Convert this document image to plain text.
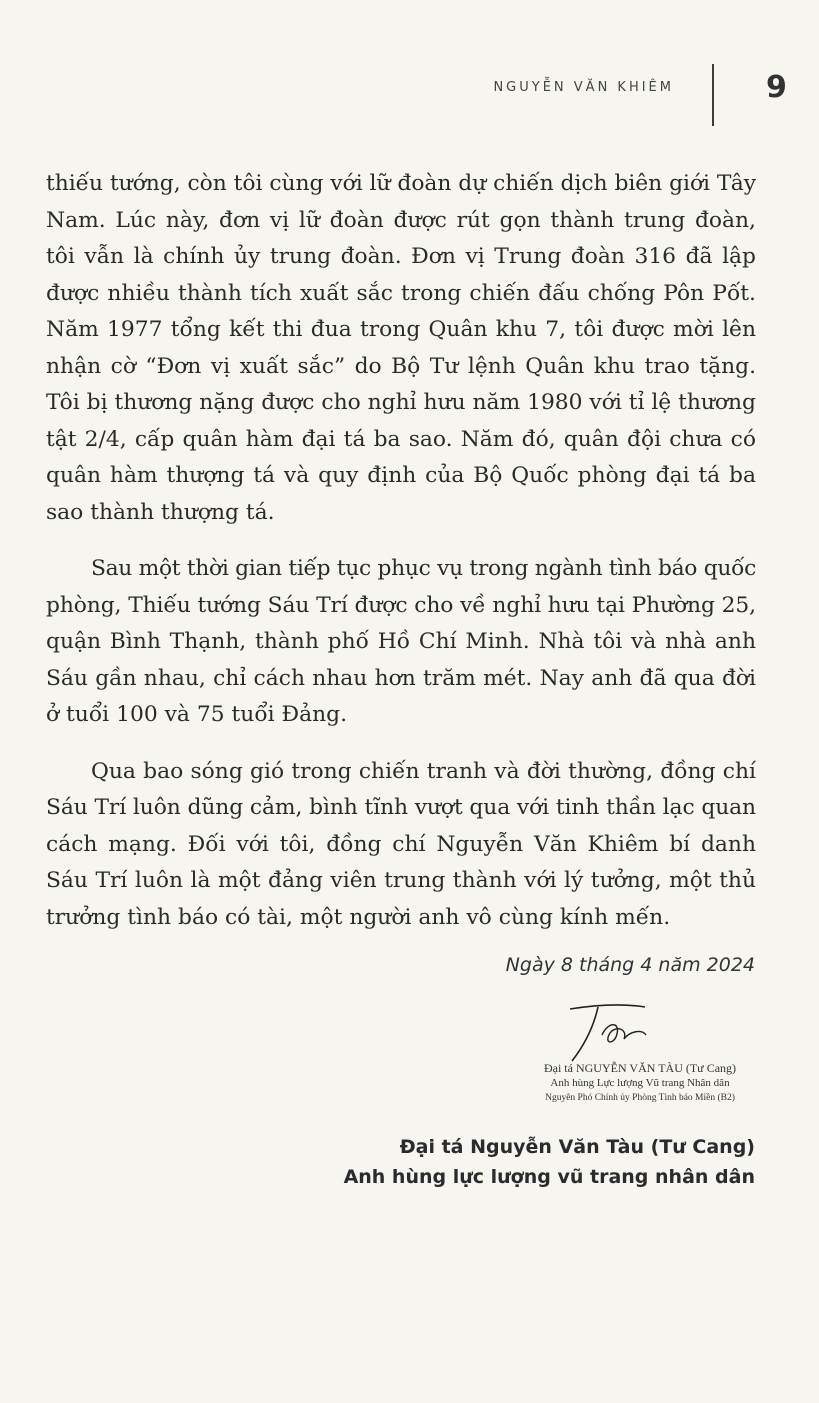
NGUYỄN VĂN KHIÊM	9

thiếu tướng, còn tôi cùng với lữ đoàn dự chiến dịch biên giới Tây
Nam. Lúc này, đơn vị lữ đoàn được rút gọn thành trung đoàn,
tôi vẫn là chính ủy trung đoàn. Đơn vị Trung đoàn 316 đã lập
được nhiều thành tích xuất sắc trong chiến đấu chống Pôn Pốt.
Năm 1977 tổng kết thi đua trong Quân khu 7, tôi được mời lên
nhận cờ “Đơn vị xuất sắc” do Bộ Tư lệnh Quân khu trao tặng.
Tôi bị thương nặng được cho nghỉ hưu năm 1980 với tỉ lệ thương
tật 2/4, cấp quân hàm đại tá ba sao. Năm đó, quân đội chưa có
quân hàm thượng tá và quy định của Bộ Quốc phòng đại tá ba
sao thành thượng tá.

Sau một thời gian tiếp tục phục vụ trong ngành tình báo quốc
phòng, Thiếu tướng Sáu Trí được cho về nghỉ hưu tại Phường 25,
quận Bình Thạnh, thành phố Hồ Chí Minh. Nhà tôi và nhà anh
Sáu gần nhau, chỉ cách nhau hơn trăm mét. Nay anh đã qua đời
ở tuổi 100 và 75 tuổi Đảng.

Qua bao sóng gió trong chiến tranh và đời thường, đồng chí
Sáu Trí luôn dũng cảm, bình tĩnh vượt qua với tinh thần lạc quan
cách mạng. Đối với tôi, đồng chí Nguyễn Văn Khiêm bí danh
Sáu Trí luôn là một đảng viên trung thành với lý tưởng, một thủ
trưởng tình báo có tài, một người anh vô cùng kính mến.

Ngày 8 tháng 4 năm 2024
Đại tá NGUYỄN VĂN TÀU (Tư Cang)
Anh hùng Lực lượng Vũ trang Nhân dân
Nguyên Phó Chính ủy Phòng Tình báo Miền (B2)
Đại tá Nguyễn Văn Tàu (Tư Cang)
Anh hùng lực lượng vũ trang nhân dân
